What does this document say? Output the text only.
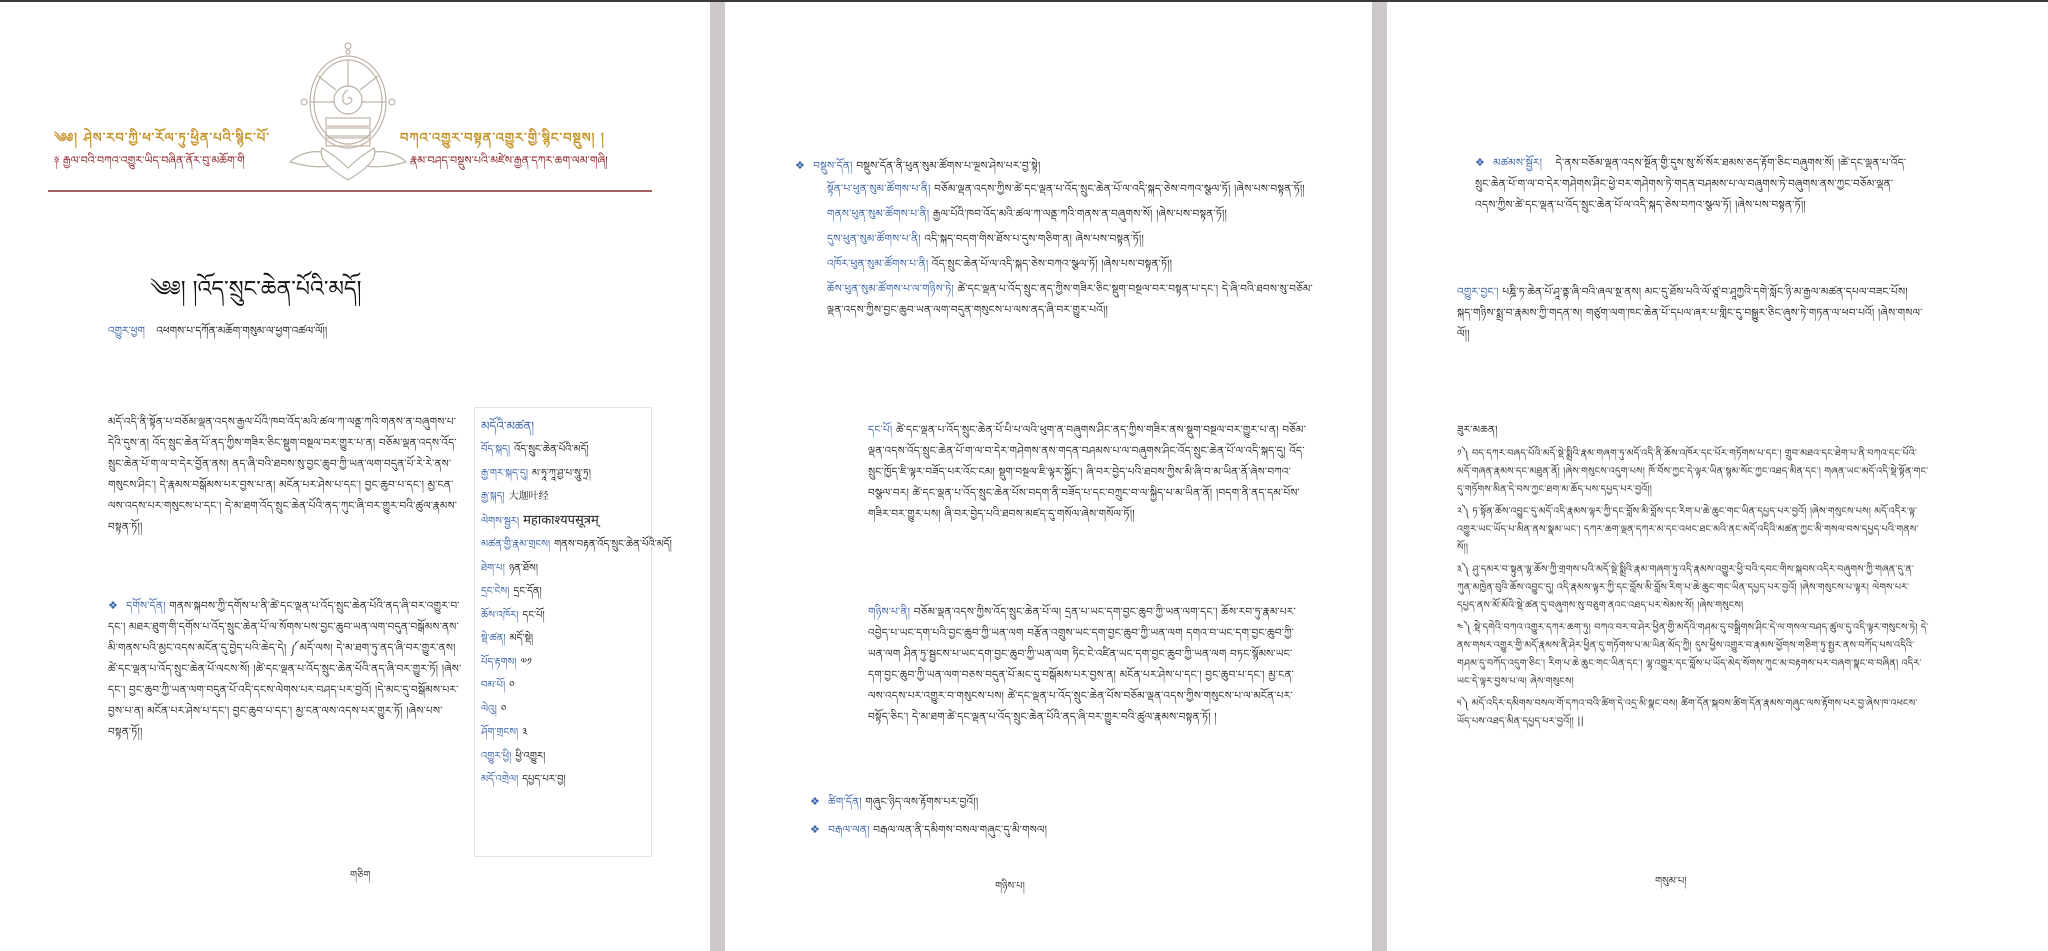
༄༅། ཤེས་རབ་ཀྱི་ཕ་རོལ་ཏུ་ཕྱིན་པའི་སྙིང་པོ་	བཀའ་འགྱུར་བསྟན་འགྱུར་གྱི་སྙིང་བསྡུས། །
༈ རྒྱལ་བའི་བཀའ་འགྱུར་ཡིད་བཞིན་ནོར་བུ་མཆོག་གི	རྣམ་བཤད་བསྡུས་པའི་མཛེས་རྒྱན་དཀར་ཆག་ལམ་གཞི།
༄༅། །འོད་སྲུང་ཆེན་པོའི་མདོ།
འགྱུར་ཕྱག འཕགས་པ་དཀོན་མཆོག་གསུམ་ལ་ཕྱག་འཚལ་ལོ།།
མདོ་འདི་ནི་སྟོན་པ་བཅོམ་ལྡན་འདས་རྒྱལ་པོའི་ཁབ་འོད་མའི་ཚལ་ཀ་ལནྡ་ཀའི་གནས་ན་བཞུགས་པ་དེའི་དུས་ན། འོད་སྲུང་ཆེན་པོ་ནད་ཀྱིས་གཟིར་ཅིང་སྡུག་བསྔལ་བར་གྱུར་པ་ན། བཅོམ་ལྡན་འདས་འོད་སྲུང་ཆེན་པོ་ག་ལ་བ་དེར་བྱོན་ནས། ནད་ཞི་བའི་ཐབས་སུ་བྱང་ཆུབ་ཀྱི་ཡན་ལག་བདུན་པོ་རེ་རེ་ནས་གསུངས་ཤིང་། དེ་རྣམས་བསྒོམས་པར་བྱས་པ་ན། མངོན་པར་ཤེས་པ་དང་། བྱང་ཆུབ་པ་དང་། མྱ་ངན་ལས་འདས་པར་གསུངས་པ་དང་། དེ་མ་ཐག་འོད་སྲུང་ཆེན་པོའི་ནད་ཀུང་ཞི་བར་གྱུར་བའི་ཚུལ་རྣམས་བསྟན་ཏོ།།
❖ དགོས་དོན། གནས་སྐབས་ཀྱི་དགོས་པ་ནི་ཚེ་དང་ལྡན་པ་འོད་སྲུང་ཆེན་པོའི་ནད་ཞི་བར་འགྱུར་བ་དང་། མཐར་ཐུག་གི་དགོས་པ་འོད་སྲུང་ཆེན་པོ་ལ་སོགས་པས་བྱང་ཆུབ་ཡན་ལག་བདུན་བསྒོམས་ནས་མི་གནས་པའི་མྱང་འདས་མངོན་དུ་བྱེད་པའི་ཆེད་དེ། ༼མདོ་ལས། དེ་མ་ཐག་ཏུ་ནད་ཞི་བར་གྱུར་ནས། ཚེ་དང་ལྡན་པ་འོད་སྲུང་ཆེན་པོ་ལངས་སོ། །ཚེ་དང་ལྡན་པ་འོད་སྲུང་ཆེན་པོའི་ནད་ཞི་བར་གྱུར་ཏོ། །ཞེས་དང་། བྱང་ཆུབ་ཀྱི་ཡན་ལག་བདུན་པོ་འདི་དངས་ལེགས་པར་བཤད་པར་བྱའོ། །དེ་མང་དུ་བསྒོམས་པར་བྱས་པ་ན། མངོན་པར་ཤེས་པ་དང་། བྱང་ཆུབ་པ་དང་། མྱ་ངན་ལས་འདས་པར་གྱུར་ཏོ། །ཞེས་པས་བསྟན་ཏོ།།
མདོའི་མཚན།
བོད་སྐད། འོད་སྲུང་ཆེན་པོའི་མདོ།
རྒྱ་གར་སྐད་དུ། མ་ཧཱ་ཀཱ་ཤྱ་པ་སཱུ་ཏྲ།
རྒྱ་སྐད། 大迦叶经
ལེགས་སྦྱར། महाकाश्यपसूत्रम्
མཚན་གྱི་རྣམ་གྲངས། གནས་བརྟན་འོད་སྲུང་ཆེན་པོའི་མདོ།
ཐེག་པ། ཉན་ཐོས།
དྲང་ངེས། དྲང་དོན།
ཆོས་འཁོར། དང་པོ།
སྡེ་ཚན། མདོ་སྡེ།
པོད་རྟགས། ༧༡
བམ་པོ། ༠
ལེའུ། ༠
ཤོག་གྲངས། ༣
འགྱུར་ཕྱི། ཕྱི་འགྱུར།
མདོ་འགྲེལ། དཔྱད་པར་བྱ།
གཅིག
❖ བསྡུས་དོན། བསྡུས་དོན་ནི་ཕུན་སུམ་ཚོགས་པ་ལྔས་ཤེས་པར་བྱ་སྟེ།
སྟོན་པ་ཕུན་སུམ་ཚོགས་པ་ནི། བཅོམ་ལྡན་འདས་ཀྱིས་ཚེ་དང་ལྡན་པ་འོད་སྲུང་ཆེན་པོ་ལ་འདི་སྐད་ཅེས་བཀའ་སྩལ་ཏོ། །ཞེས་པས་བསྟན་ཏོ།།
གནས་ཕུན་སུམ་ཚོགས་པ་ནི། རྒྱལ་པོའི་ཁབ་འོད་མའི་ཚལ་ཀ་ལནྡ་ཀའི་གནས་ན་བཞུགས་སོ། །ཞེས་པས་བསྟན་ཏོ།།
དུས་ཕུན་སུམ་ཚོགས་པ་ནི། འདི་སྐད་བདག་གིས་ཐོས་པ་དུས་གཅིག་ན། ཞེས་པས་བསྟན་ཏོ།།
འཁོར་ཕུན་སུམ་ཚོགས་པ་ནི། འོད་སྲུང་ཆེན་པོ་ལ་འདི་སྐད་ཅེས་བཀའ་སྩལ་ཏོ། །ཞེས་པས་བསྟན་ཏོ།།
ཆོས་ཕུན་སུམ་ཚོགས་པ་ལ་གཉིས་ཏེ། ཚེ་དང་ལྡན་པ་འོད་སྲུང་ནད་ཀྱིས་གཟིར་ཅིང་སྡུག་བསྔལ་བར་བསྟན་པ་དང་། དེ་ཞི་བའི་ཐབས་སུ་བཅོམ་ལྡན་འདས་ཀྱིས་བྱང་ཆུབ་ཡན་ལག་བདུན་གསུངས་པ་ལས་ནད་ཞི་བར་གྱུར་པའོ།།
དང་པོ། ཚེ་དང་ལྡན་པ་འོད་སྲུང་ཆེན་པོ་པི་པ་ལའི་ཕུག་ན་བཞུགས་ཤིང་ནད་ཀྱིས་གཟིར་ནས་སྡུག་བསྔལ་བར་གྱུར་པ་ན། བཅོམ་ལྡན་འདས་འོད་སྲུང་ཆེན་པོ་ག་ལ་བ་དེར་གཤེགས་ནས་གདན་བཤམས་པ་ལ་བཞུགས་ཤིང་འོད་སྲུང་ཆེན་པོ་ལ་འདི་སྐད་དུ། འོད་སྲུང་ཁྱོད་ཇི་ལྟར་བཟོད་པར་འོང་ངམ། སྡུག་བསྔལ་ཇི་ལྟར་སྐྱོང་། ཞི་བར་བྱེད་པའི་ཐབས་ཀྱིས་མི་ཞི་བ་མ་ཡིན་ནོ་ཞེས་བཀའ་བསྩལ་བར། ཚེ་དང་ལྡན་པ་འོད་སྲུང་ཆེན་པོས་བདག་ནི་བཟོད་པ་དང་བཀྲུང་བ་ལ་སྐྱིད་པ་མ་ཡིན་ནོ། །བདག་ནི་ནད་དམ་པོས་གཟིར་བར་གྱུར་པས། ཞི་བར་བྱེད་པའི་ཐབས་མཛད་དུ་གསོལ་ཞེས་གསོལ་ཏོ།།
གཉིས་པ་ནི། བཅོམ་ལྡན་འདས་ཀྱིས་འོད་སྲུང་ཆེན་པོ་ལ། དྲན་པ་ཡང་དག་བྱང་ཆུབ་ཀྱི་ཡན་ལག་དང་། ཆོས་རབ་ཏུ་རྣམ་པར་འབྱེད་པ་ཡང་དག་པའི་བྱང་ཆུབ་ཀྱི་ཡན་ལག བརྩོན་འགྲུས་ཡང་དག་བྱང་ཆུབ་ཀྱི་ཡན་ལག དགའ་བ་ཡང་དག་བྱང་ཆུབ་ཀྱི་ཡན་ལག ཤིན་ཏུ་སྦྱངས་པ་ཡང་དག་བྱང་ཆུབ་ཀྱི་ཡན་ལག ཏིང་ངེ་འཛིན་ཡང་དག་བྱང་ཆུབ་ཀྱི་ཡན་ལག བཏང་སྙོམས་ཡང་དག་བྱང་ཆུབ་ཀྱི་ཡན་ལག་བཅས་བདུན་པོ་མང་དུ་བསྒོམས་པར་བྱས་ན། མངོན་པར་ཤེས་པ་དང་། བྱང་ཆུབ་པ་དང་། མྱ་ངན་ལས་འདས་པར་འགྱུར་བ་གསུངས་པས། ཚེ་དང་ལྡན་པ་འོད་སྲུང་ཆེན་པོས་བཅོམ་ལྡན་འདས་ཀྱིས་གསུངས་པ་ལ་མངོན་པར་བསྟོད་ཅིང་། དེ་མ་ཐག་ཚེ་དང་ལྡན་པ་འོད་སྲུང་ཆེན་པོའི་ནད་ཞི་བར་གྱུར་བའི་ཚུལ་རྣམས་བསྟན་ཏོ། །
❖ ཚིག་དོན། གཞུང་ཉིད་ལས་རྟོགས་པར་བྱའོ།།
❖ བརྒལ་ལན། བརྒལ་ལན་ནི་དམིགས་བསལ་གཞུང་དུ་མི་གསལ།
གཉིས་པ།
❖ མཚམས་སྦྱོར། དེ་ནས་བཅོམ་ལྡན་འདས་སྔོན་གྱི་དུས་སུ་སོ་སོར་ཐམས་ཅད་རྟོག་ཅིང་བཞུགས་སོ། །ཚེ་དང་ལྡན་པ་འོད་སྲུང་ཆེན་པོ་ག་ལ་བ་དེར་གཤེགས་ཤིང་ཕྱེ་བར་གཤེགས་ཏེ་གདན་བཤམས་པ་ལ་བཞུགས་ཏེ་བཞུགས་ནས་ཀྱང་བཅོམ་ལྡན་འདས་ཀྱིས་ཚེ་དང་ལྡན་པ་འོད་སྲུང་ཆེན་པོ་ལ་འདི་སྐད་ཅེས་བཀའ་སྩལ་ཏོ། །ཞེས་པས་བསྟན་ཏོ།།
འགྱུར་བྱང་། པཎྜི་ཏ་ཆེན་པོ་ཤཱ་ནྟ་ཞི་བའི་ཞལ་སྔ་ནས། མང་དུ་ཐོས་པའི་ལོ་ཙཱ་བ་ཤཱཀྱའི་དགེ་སློང་ཉི་མ་རྒྱལ་མཚན་དཔལ་བཟང་པོས། སྐད་གཉིས་སྨྲ་བ་རྣམས་ཀྱི་གདན་ས། གཙུག་ལག་ཁང་ཆེན་པོ་དཔལ་ཞར་པ་གླིང་དུ་བསྒྱུར་ཅིང་ཞུས་ཏེ་གཏན་ལ་ཕབ་པའོ། །ཞེས་གསལ་ལོ།།
ཟུར་མཆན།
༡༽ བད་དཀར་བཞད་པོའི་མདོ་སྡེ་སྨྲིའི་རྣམ་གཞག་ཏུ་མདོ་འདི་ནི་ཆོས་འཁོར་དང་པོར་གཏོགས་པ་དང་། གྲུབ་མཐའ་དང་ཐེག་པ་ནི་བཀའ་དང་པོའི་མདོ་གཞན་རྣམས་དང་མཐུན་ནོ། །ཞེས་གསུངས་འདུག་པས། ཁོ་བོས་ཀྱང་དེ་ལྟར་ཡིན་སྙམ་སོང་ཀྱང་འཐད་མིན་དང་། གཞན་ཡང་མདོ་འདི་སྡེ་སྟོན་གང་དུ་གཏོགས་མིན་དེ་བས་ཀྱང་ཐག་མ་ཆོད་པས་དཔྱད་པར་བྱའོ།།
༢༽ ཏ་སྟོན་ཆོས་འབྱུང་དུ་མདོ་འདི་རྣམས་ལྟར་ཀྱི་དང་བློས་མི་བློས་དང་རིག་པ་ཆེ་ཆུང་གང་ཡིན་དཔྱད་པར་བྱའོ། །ཞེས་གསུངས་པས། མདོ་འདིར་ལྟ་འགྱུར་ཡང་ཡོད་པ་མིན་ནས་སྣམ་ཡང་། དཀར་ཆག་ལྡན་དཀར་མ་དང་འཕང་ཐང་མའི་ནང་མདོ་འདིའི་མཚན་ཀྱང་མི་གསལ་བས་དཔྱད་པའི་གནས་སོ།།
༣༽ ཤུ་དམར་བ་སྟུན་ལྷ་ཆོས་ཀྱི་གྲགས་པའི་མདོ་སྡེ་སྨྲིའི་རྣམ་གཞག་ཏུ་འདི་རྣམས་འགྱུར་ཕྱི་བའི་དབང་གིས་སྐབས་འདིར་བཞུགས་ཀྱི་གཞན་དུ་ན་ཀུན་མཁྱེན་བུའི་ཆོས་འབྱུང་དུ། འདི་རྣམས་ལྟར་ཀྱི་དང་བློས་མི་བློས་རིག་པ་ཆེ་ཆུང་གང་ཡིན་དཔྱད་པར་བྱའོ། །ཞེས་གསུངས་པ་ལྟར། ལེགས་པར་དཔྱད་ནས་མོ་མོའི་སྡེ་ཚན་དུ་བཞུགས་སུ་བཅུག་ནའང་འཐད་པར་སེམས་སོ། །ཞེས་གསུངས།
༤༽ སྡེ་དགེའི་བཀའ་འགྱུར་དཀར་ཆག་ཏུ། བཀའ་བར་བ་ཤེར་ཕྱིན་གྱི་མདོའི་གཤམ་དུ་བསྒྲིགས་ཤིང་དེ་ལ་གསལ་བཤད་ཚུལ་དུ་འདི་ལྟར་གསུངས་ཏེ། དེ་ནས་གསར་འགྱུར་གྱི་མདོ་རྣམས་ནི་ཤེར་ཕྱིན་དུ་གཏོགས་པ་མ་ཡིན་མོད་ཀྱི། དུས་ཕྱིས་འགྱུར་བ་རྣམས་ཕྱོགས་གཅིག་ཏུ་སྤྱར་ནས་བཀོད་པས་འདིའི་གཤམ་དུ་བཀོད་འདུག་ཅིང་། རིག་པ་ཆེ་ཆུང་གང་ཡིན་དང་། ལྷ་འགྱུར་དང་བློས་པ་ཡོད་མེད་སོགས་ཀུང་མ་བརྟགས་པར་བཞག་སྣང་བ་བཞིན། འདིར་ཡང་དེ་ལྟར་བྱས་པ་ལ། ཞེས་གསུངས།
༥༽ མདོ་འདིར་དམིགས་བསལ་གོ་དཀའ་བའི་ཚིག་དེ་འདྲ་མི་སྣང་བས། ཚིག་དོན་སྐབས་ཚིག་དོན་རྣམས་གཞུང་ལས་རྟོགས་པར་བྱ་ཞེས་ཁ་འཕངས་ཡོད་པས་འཐད་མིན་དཔྱད་པར་བྱའོ།། ||
གསུམ་པ།
